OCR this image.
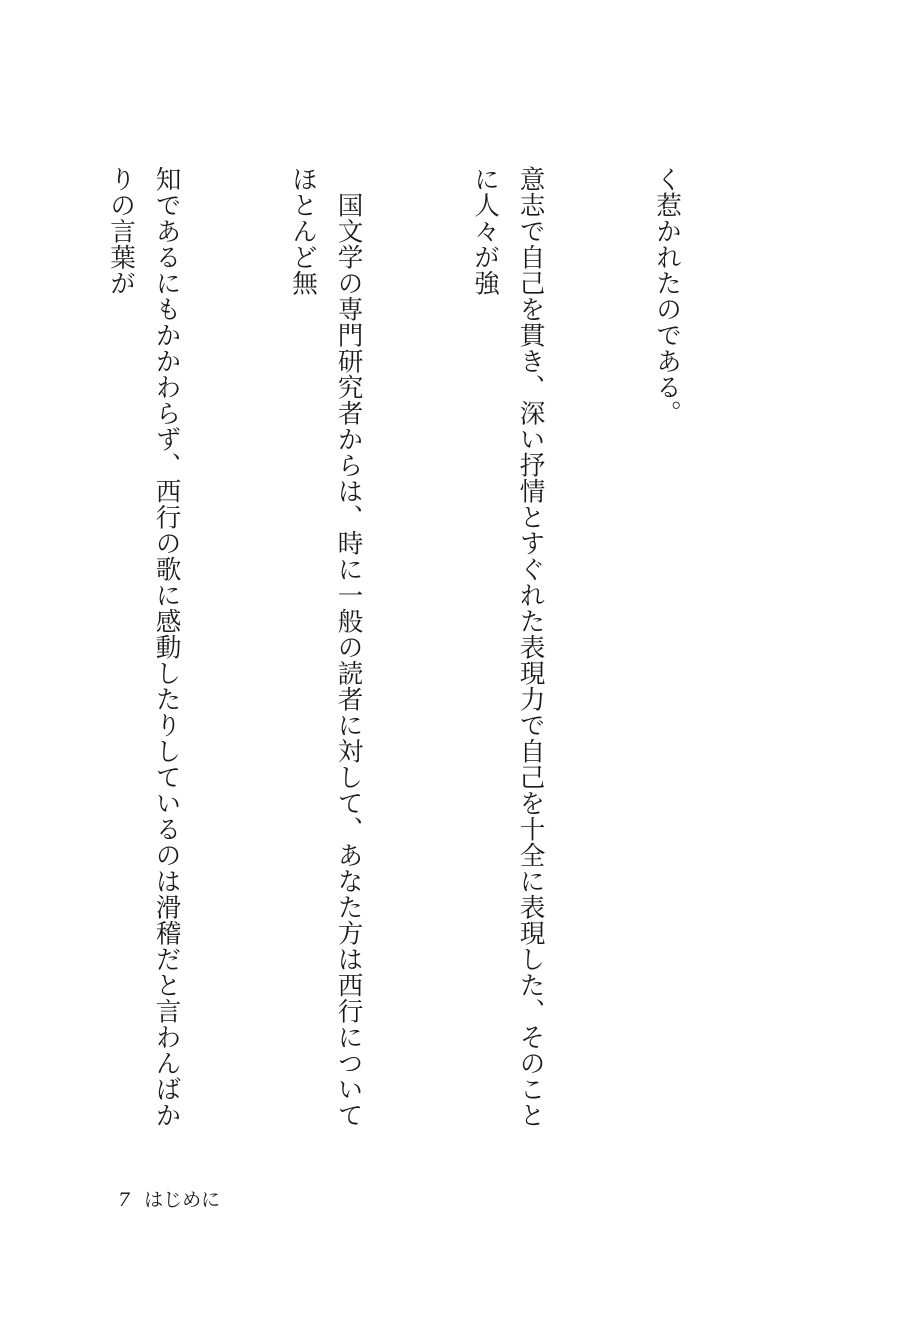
く惹かれたのである。

意志で自己を貫き、深い抒情とすぐれた表現力で自己を十全に表現した、そのことに人々が強

　国文学の専門研究者からは、時に一般の読者に対して、あなた方は西行についてほとんど無

知であるにもかかわらず、西行の歌に感動したりしているのは滑稽だと言わんばかりの言葉が

7 はじめに
